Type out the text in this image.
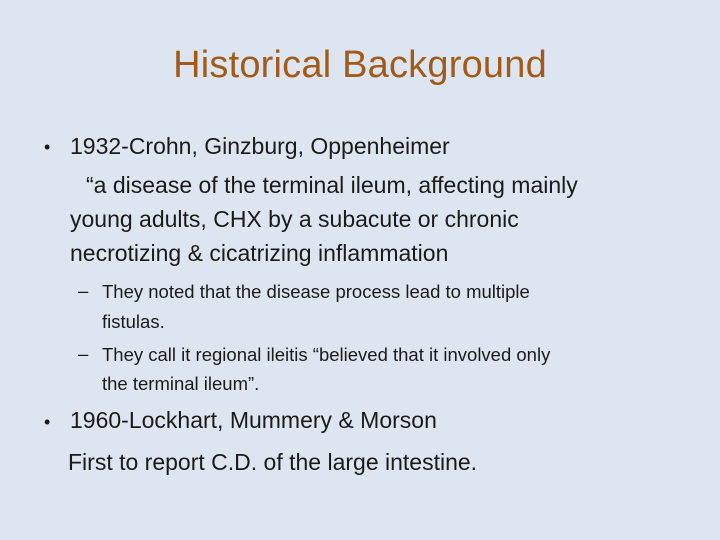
Historical Background
• 1932-Crohn, Ginzburg, Oppenheimer
“a disease of the terminal ileum, affecting mainly
young adults, CHX by a subacute or chronic
necrotizing & cicatrizing inflammation
– They noted that the disease process lead to multiple
fistulas.
– They call it regional ileitis “believed that it involved only
the terminal ileum”.
• 1960-Lockhart, Mummery & Morson
First to report C.D. of the large intestine.
